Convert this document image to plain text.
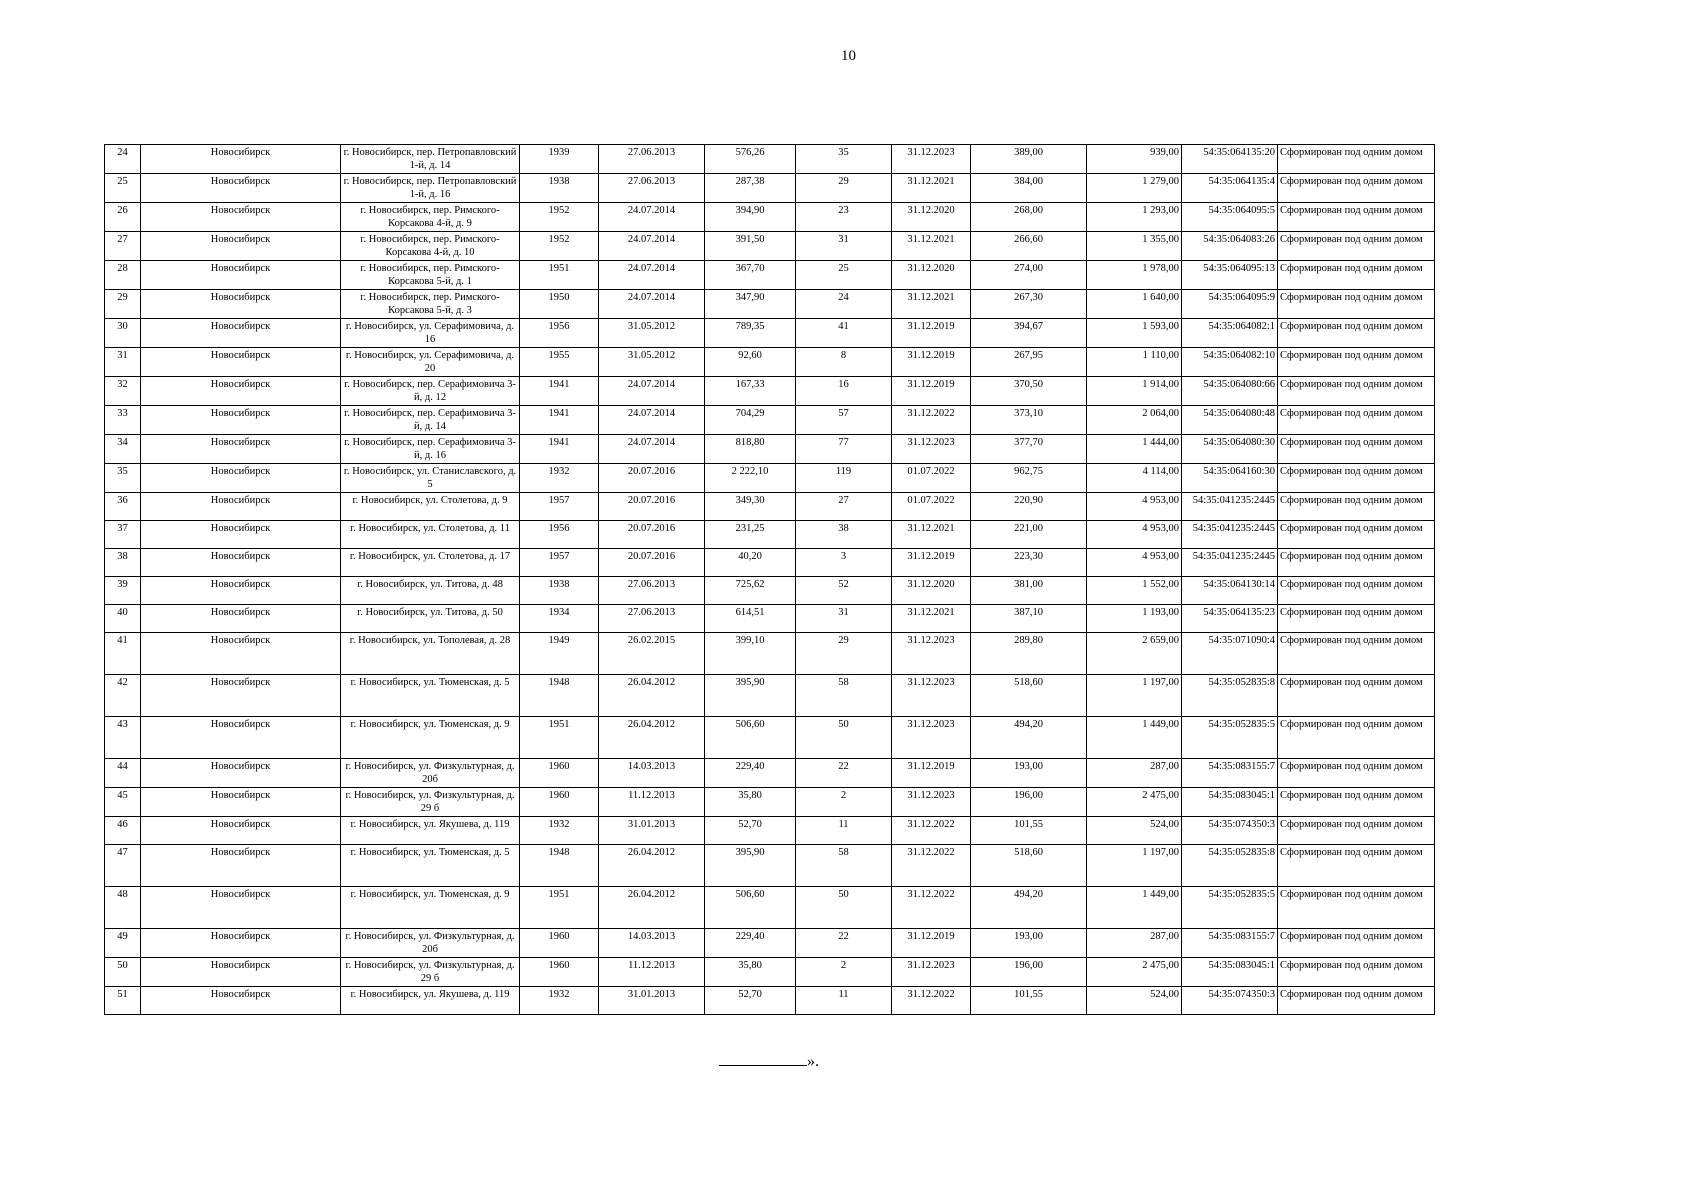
10
24	Новосибирск	г. Новосибирск, пер. Петропавловский 1-й, д. 14	1939	27.06.2013	576,26	35	31.12.2023	389,00	939,00	54:35:064135:20	Сформирован под одним домом
25	Новосибирск	г. Новосибирск, пер. Петропавловский 1-й, д. 16	1938	27.06.2013	287,38	29	31.12.2021	384,00	1 279,00	54:35:064135:4	Сформирован под одним домом
26	Новосибирск	г. Новосибирск, пер. Римского-Корсакова 4-й, д. 9	1952	24.07.2014	394,90	23	31.12.2020	268,00	1 293,00	54:35:064095:5	Сформирован под одним домом
27	Новосибирск	г. Новосибирск, пер. Римского-Корсакова 4-й, д. 10	1952	24.07.2014	391,50	31	31.12.2021	266,60	1 355,00	54:35:064083:26	Сформирован под одним домом
28	Новосибирск	г. Новосибирск, пер. Римского-Корсакова 5-й, д. 1	1951	24.07.2014	367,70	25	31.12.2020	274,00	1 978,00	54:35:064095:13	Сформирован под одним домом
29	Новосибирск	г. Новосибирск, пер. Римского-Корсакова 5-й, д. 3	1950	24.07.2014	347,90	24	31.12.2021	267,30	1 640,00	54:35:064095:9	Сформирован под одним домом
30	Новосибирск	г. Новосибирск, ул. Серафимовича, д. 16	1956	31.05.2012	789,35	41	31.12.2019	394,67	1 593,00	54:35:064082:1	Сформирован под одним домом
31	Новосибирск	г. Новосибирск, ул. Серафимовича, д. 20	1955	31.05.2012	92,60	8	31.12.2019	267,95	1 110,00	54:35:064082:10	Сформирован под одним домом
32	Новосибирск	г. Новосибирск, пер. Серафимовича 3-й, д. 12	1941	24.07.2014	167,33	16	31.12.2019	370,50	1 914,00	54:35:064080:66	Сформирован под одним домом
33	Новосибирск	г. Новосибирск, пер. Серафимовича 3-й, д. 14	1941	24.07.2014	704,29	57	31.12.2022	373,10	2 064,00	54:35:064080:48	Сформирован под одним домом
34	Новосибирск	г. Новосибирск, пер. Серафимовича 3-й, д. 16	1941	24.07.2014	818,80	77	31.12.2023	377,70	1 444,00	54:35:064080:30	Сформирован под одним домом
35	Новосибирск	г. Новосибирск, ул. Станиславского, д. 5	1932	20.07.2016	2 222,10	119	01.07.2022	962,75	4 114,00	54:35:064160:30	Сформирован под одним домом
36	Новосибирск	г. Новосибирск, ул. Столетова, д. 9	1957	20.07.2016	349,30	27	01.07.2022	220,90	4 953,00	54:35:041235:2445	Сформирован под одним домом
37	Новосибирск	г. Новосибирск, ул. Столетова, д. 11	1956	20.07.2016	231,25	38	31.12.2021	221,00	4 953,00	54:35:041235:2445	Сформирован под одним домом
38	Новосибирск	г. Новосибирск, ул. Столетова, д. 17	1957	20.07.2016	40,20	3	31.12.2019	223,30	4 953,00	54:35:041235:2445	Сформирован под одним домом
39	Новосибирск	г. Новосибирск, ул. Титова, д. 48	1938	27.06.2013	725,62	52	31.12.2020	381,00	1 552,00	54:35:064130:14	Сформирован под одним домом
40	Новосибирск	г. Новосибирск, ул. Титова, д. 50	1934	27.06.2013	614,51	31	31.12.2021	387,10	1 193,00	54:35:064135:23	Сформирован под одним домом
41	Новосибирск	г. Новосибирск, ул. Тополевая, д. 28	1949	26.02.2015	399,10	29	31.12.2023	289,80	2 659,00	54:35:071090:4	Сформирован под одним домом
42	Новосибирск	г. Новосибирск, ул. Тюменская, д. 5	1948	26.04.2012	395,90	58	31.12.2023	518,60	1 197,00	54:35:052835:8	Сформирован под одним домом
43	Новосибирск	г. Новосибирск, ул. Тюменская, д. 9	1951	26.04.2012	506,60	50	31.12.2023	494,20	1 449,00	54:35:052835:5	Сформирован под одним домом
44	Новосибирск	г. Новосибирск, ул. Физкультурная, д. 20б	1960	14.03.2013	229,40	22	31.12.2019	193,00	287,00	54:35:083155:7	Сформирован под одним домом
45	Новосибирск	г. Новосибирск, ул. Физкультурная, д. 29 б	1960	11.12.2013	35,80	2	31.12.2023	196,00	2 475,00	54:35:083045:1	Сформирован под одним домом
46	Новосибирск	г. Новосибирск, ул. Якушева, д. 119	1932	31.01.2013	52,70	11	31.12.2022	101,55	524,00	54:35:074350:3	Сформирован под одним домом
47	Новосибирск	г. Новосибирск, ул. Тюменская, д. 5	1948	26.04.2012	395,90	58	31.12.2022	518,60	1 197,00	54:35:052835:8	Сформирован под одним домом
48	Новосибирск	г. Новосибирск, ул. Тюменская, д. 9	1951	26.04.2012	506,60	50	31.12.2022	494,20	1 449,00	54:35:052835:5	Сформирован под одним домом
49	Новосибирск	г. Новосибирск, ул. Физкультурная, д. 20б	1960	14.03.2013	229,40	22	31.12.2019	193,00	287,00	54:35:083155:7	Сформирован под одним домом
50	Новосибирск	г. Новосибирск, ул. Физкультурная, д. 29 б	1960	11.12.2013	35,80	2	31.12.2023	196,00	2 475,00	54:35:083045:1	Сформирован под одним домом
51	Новосибирск	г. Новосибирск, ул. Якушева, д. 119	1932	31.01.2013	52,70	11	31.12.2022	101,55	524,00	54:35:074350:3	Сформирован под одним домом
».
